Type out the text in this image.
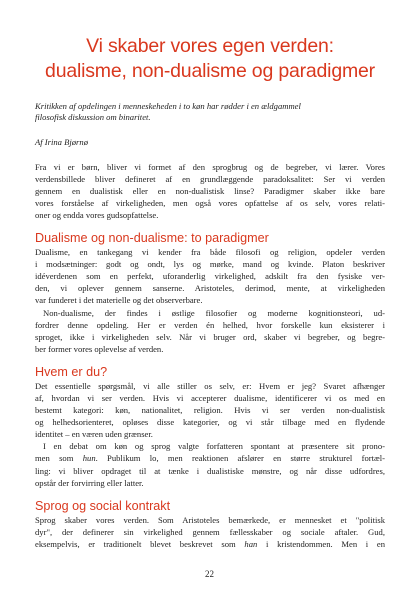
Vi skaber vores egen verden:
dualisme, non-dualisme og paradigmer
Kritikken af opdelingen i menneskeheden i to køn har rødder i en ældgammel
filosofisk diskussion om binaritet.
Af Irina Bjørnø

Fra vi er børn, bliver vi formet af den sprogbrug og de begreber, vi lærer. Vores
verdensbillede bliver defineret af en grundlæggende paradoksalitet: Ser vi verden
gennem en dualistisk eller en non-dualistisk linse? Paradigmer skaber ikke bare
vores forståelse af virkeligheden, men også vores opfattelse af os selv, vores relati-
oner og endda vores gudsopfattelse.

Dualisme og non-dualisme: to paradigmer

Dualisme, en tankegang vi kender fra både filosofi og religion, opdeler verden
i modsætninger: godt og ondt, lys og mørke, mand og kvinde. Platon beskriver
idéverdenen som en perfekt, uforanderlig virkelighed, adskilt fra den fysiske ver-
den, vi oplever gennem sanserne. Aristoteles, derimod, mente, at virkeligheden
var funderet i det materielle og det observerbare.

Non-dualisme, der findes i østlige filosofier og moderne kognitionsteori, ud-
fordrer denne opdeling. Her er verden én helhed, hvor forskelle kun eksisterer i
sproget, ikke i virkeligheden selv. Når vi bruger ord, skaber vi begreber, og begre-
ber former vores oplevelse af verden.

Hvem er du?

Det essentielle spørgsmål, vi alle stiller os selv, er: Hvem er jeg? Svaret afhænger
af, hvordan vi ser verden. Hvis vi accepterer dualisme, identificerer vi os med en
bestemt kategori: køn, nationalitet, religion. Hvis vi ser verden non-dualistisk
og helhedsorienteret, opløses disse kategorier, og vi står tilbage med en flydende
identitet – en væren uden grænser.

I en debat om køn og sprog valgte forfatteren spontant at præsentere sit prono-
men som hun. Publikum lo, men reaktionen afslører en større strukturel fortæl-
ling: vi bliver opdraget til at tænke i dualistiske mønstre, og når disse udfordres,
opstår der forvirring eller latter.

Sprog og social kontrakt

Sprog skaber vores verden. Som Aristoteles bemærkede, er mennesket et "politisk
dyr", der definerer sin virkelighed gennem fællesskaber og sociale aftaler. Gud,
eksempelvis, er traditionelt blevet beskrevet som han i kristendommen. Men i en

22
